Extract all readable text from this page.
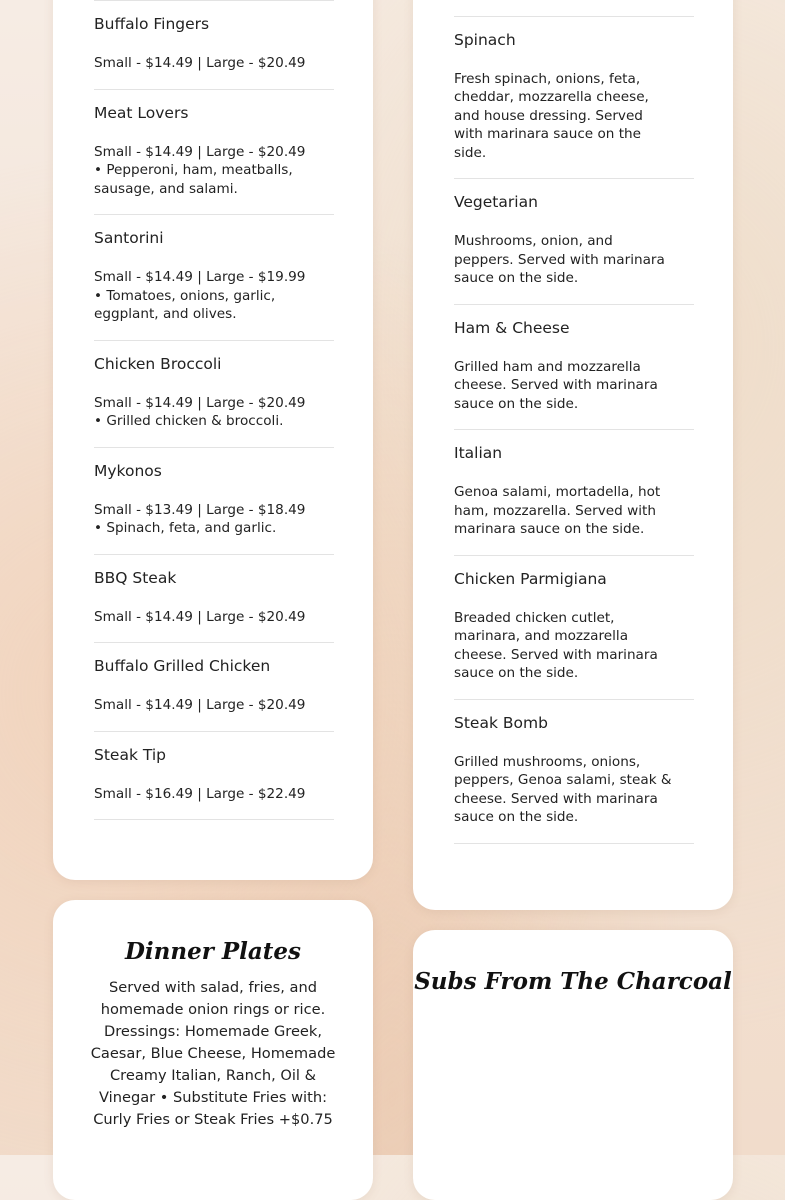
Buffalo Fingers
Small - $14.49 | Large - $20.49
Meat Lovers
Small - $14.49 | Large - $20.49 • Pepperoni, ham, meatballs, sausage, and salami.
Santorini
Small - $14.49 | Large - $19.99 • Tomatoes, onions, garlic, eggplant, and olives.
Chicken Broccoli
Small - $14.49 | Large - $20.49 • Grilled chicken & broccoli.
Mykonos
Small - $13.49 | Large - $18.49 • Spinach, feta, and garlic.
BBQ Steak
Small - $14.49 | Large - $20.49
Buffalo Grilled Chicken
Small - $14.49 | Large - $20.49
Steak Tip
Small - $16.49 | Large - $22.49
Spinach
Fresh spinach, onions, feta, cheddar, mozzarella cheese, and house dressing. Served with marinara sauce on the side.
Vegetarian
Mushrooms, onion, and peppers. Served with marinara sauce on the side.
Ham & Cheese
Grilled ham and mozzarella cheese. Served with marinara sauce on the side.
Italian
Genoa salami, mortadella, hot ham, mozzarella. Served with marinara sauce on the side.
Chicken Parmigiana
Breaded chicken cutlet, marinara, and mozzarella cheese. Served with marinara sauce on the side.
Steak Bomb
Grilled mushrooms, onions, peppers, Genoa salami, steak & cheese. Served with marinara sauce on the side.
Dinner Plates
Served with salad, fries, and homemade onion rings or rice. Dressings: Homemade Greek, Caesar, Blue Cheese, Homemade Creamy Italian, Ranch, Oil & Vinegar • Substitute Fries with: Curly Fries or Steak Fries +$0.75
Subs From The Charcoal
